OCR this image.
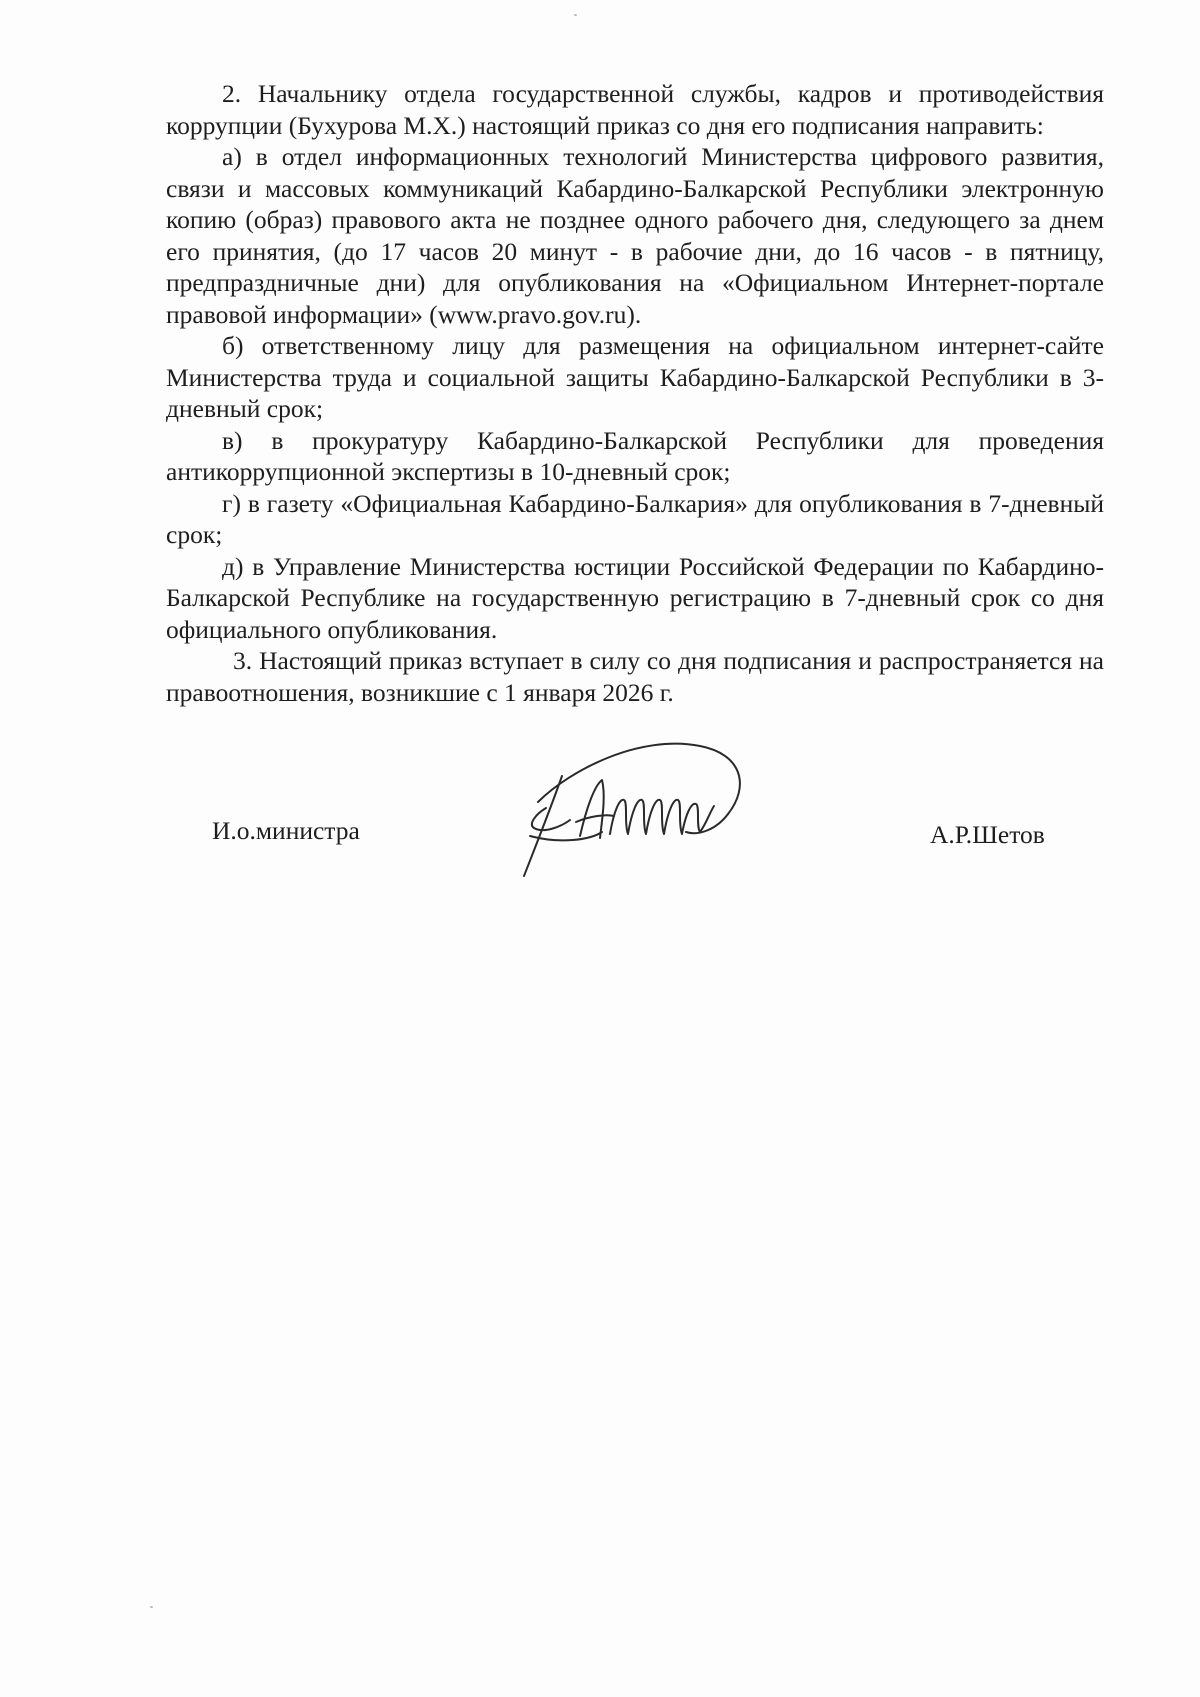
2. Начальнику отдела государственной службы, кадров и противодействия коррупции (Бухурова М.Х.) настоящий приказ со дня его подписания направить:

а) в отдел информационных технологий Министерства цифрового развития, связи и массовых коммуникаций Кабардино-Балкарской Республики электронную копию (образ) правового акта не позднее одного рабочего дня, следующего за днем его принятия, (до 17 часов 20 минут - в рабочие дни, до 16 часов - в пятницу, предпраздничные дни) для опубликования на «Официальном Интернет-портале правовой информации» (www.pravo.gov.ru).

б) ответственному лицу для размещения на официальном интернет-сайте Министерства труда и социальной защиты Кабардино-Балкарской Республики в 3-дневный срок;

в) в прокуратуру Кабардино-Балкарской Республики для проведения антикоррупционной экспертизы в 10-дневный срок;

г) в газету «Официальная Кабардино-Балкария» для опубликования в 7-дневный срок;

д) в Управление Министерства юстиции Российской Федерации по Кабардино-Балкарской Республике на государственную регистрацию в 7-дневный срок со дня официального опубликования.

3. Настоящий приказ вступает в силу со дня подписания и распространяется на правоотношения, возникшие с 1 января 2026 г.

И.о.министра	А.Р.Шетов
